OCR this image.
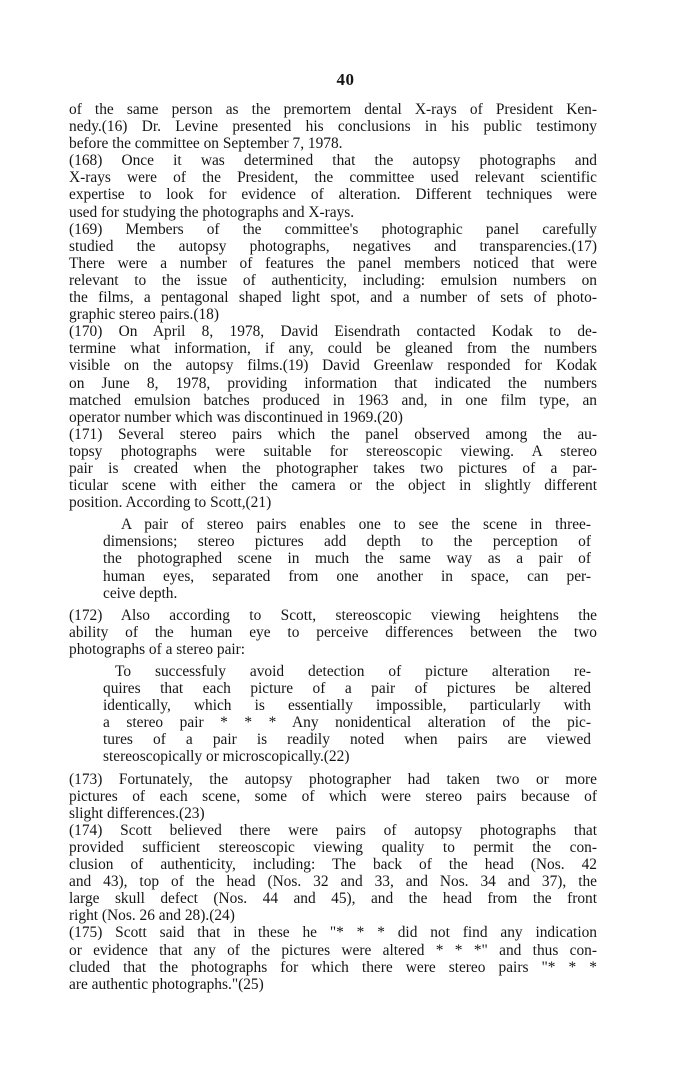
40
of the same person as the premortem dental X-rays of President Ken-
nedy.(16) Dr. Levine presented his conclusions in his public testimony
before the committee on September 7, 1978.
(168) Once it was determined that the autopsy photographs and
X-rays were of the President, the committee used relevant scientific
expertise to look for evidence of alteration. Different techniques were
used for studying the photographs and X-rays.
(169) Members of the committee's photographic panel carefully
studied the autopsy photographs, negatives and transparencies.(17)
There were a number of features the panel members noticed that were
relevant to the issue of authenticity, including: emulsion numbers on
the films, a pentagonal shaped light spot, and a number of sets of photo-
graphic stereo pairs.(18)
(170) On April 8, 1978, David Eisendrath contacted Kodak to de-
termine what information, if any, could be gleaned from the numbers
visible on the autopsy films.(19) David Greenlaw responded for Kodak
on June 8, 1978, providing information that indicated the numbers
matched emulsion batches produced in 1963 and, in one film type, an
operator number which was discontinued in 1969.(20)
(171) Several stereo pairs which the panel observed among the au-
topsy photographs were suitable for stereoscopic viewing. A stereo
pair is created when the photographer takes two pictures of a par-
ticular scene with either the camera or the object in slightly different
position. According to Scott,(21)
A pair of stereo pairs enables one to see the scene in three-
dimensions; stereo pictures add depth to the perception of
the photographed scene in much the same way as a pair of
human eyes, separated from one another in space, can per-
ceive depth.
(172) Also according to Scott, stereoscopic viewing heightens the
ability of the human eye to perceive differences between the two
photographs of a stereo pair:
To successfuly avoid detection of picture alteration re-
quires that each picture of a pair of pictures be altered
identically, which is essentially impossible, particularly with
a stereo pair * * * Any nonidentical alteration of the pic-
tures of a pair is readily noted when pairs are viewed
stereoscopically or microscopically.(22)
(173) Fortunately, the autopsy photographer had taken two or more
pictures of each scene, some of which were stereo pairs because of
slight differences.(23)
(174) Scott believed there were pairs of autopsy photographs that
provided sufficient stereoscopic viewing quality to permit the con-
clusion of authenticity, including: The back of the head (Nos. 42
and 43), top of the head (Nos. 32 and 33, and Nos. 34 and 37), the
large skull defect (Nos. 44 and 45), and the head from the front
right (Nos. 26 and 28).(24)
(175) Scott said that in these he "* * * did not find any indication
or evidence that any of the pictures were altered * * *" and thus con-
cluded that the photographs for which there were stereo pairs "* * *
are authentic photographs."(25)
